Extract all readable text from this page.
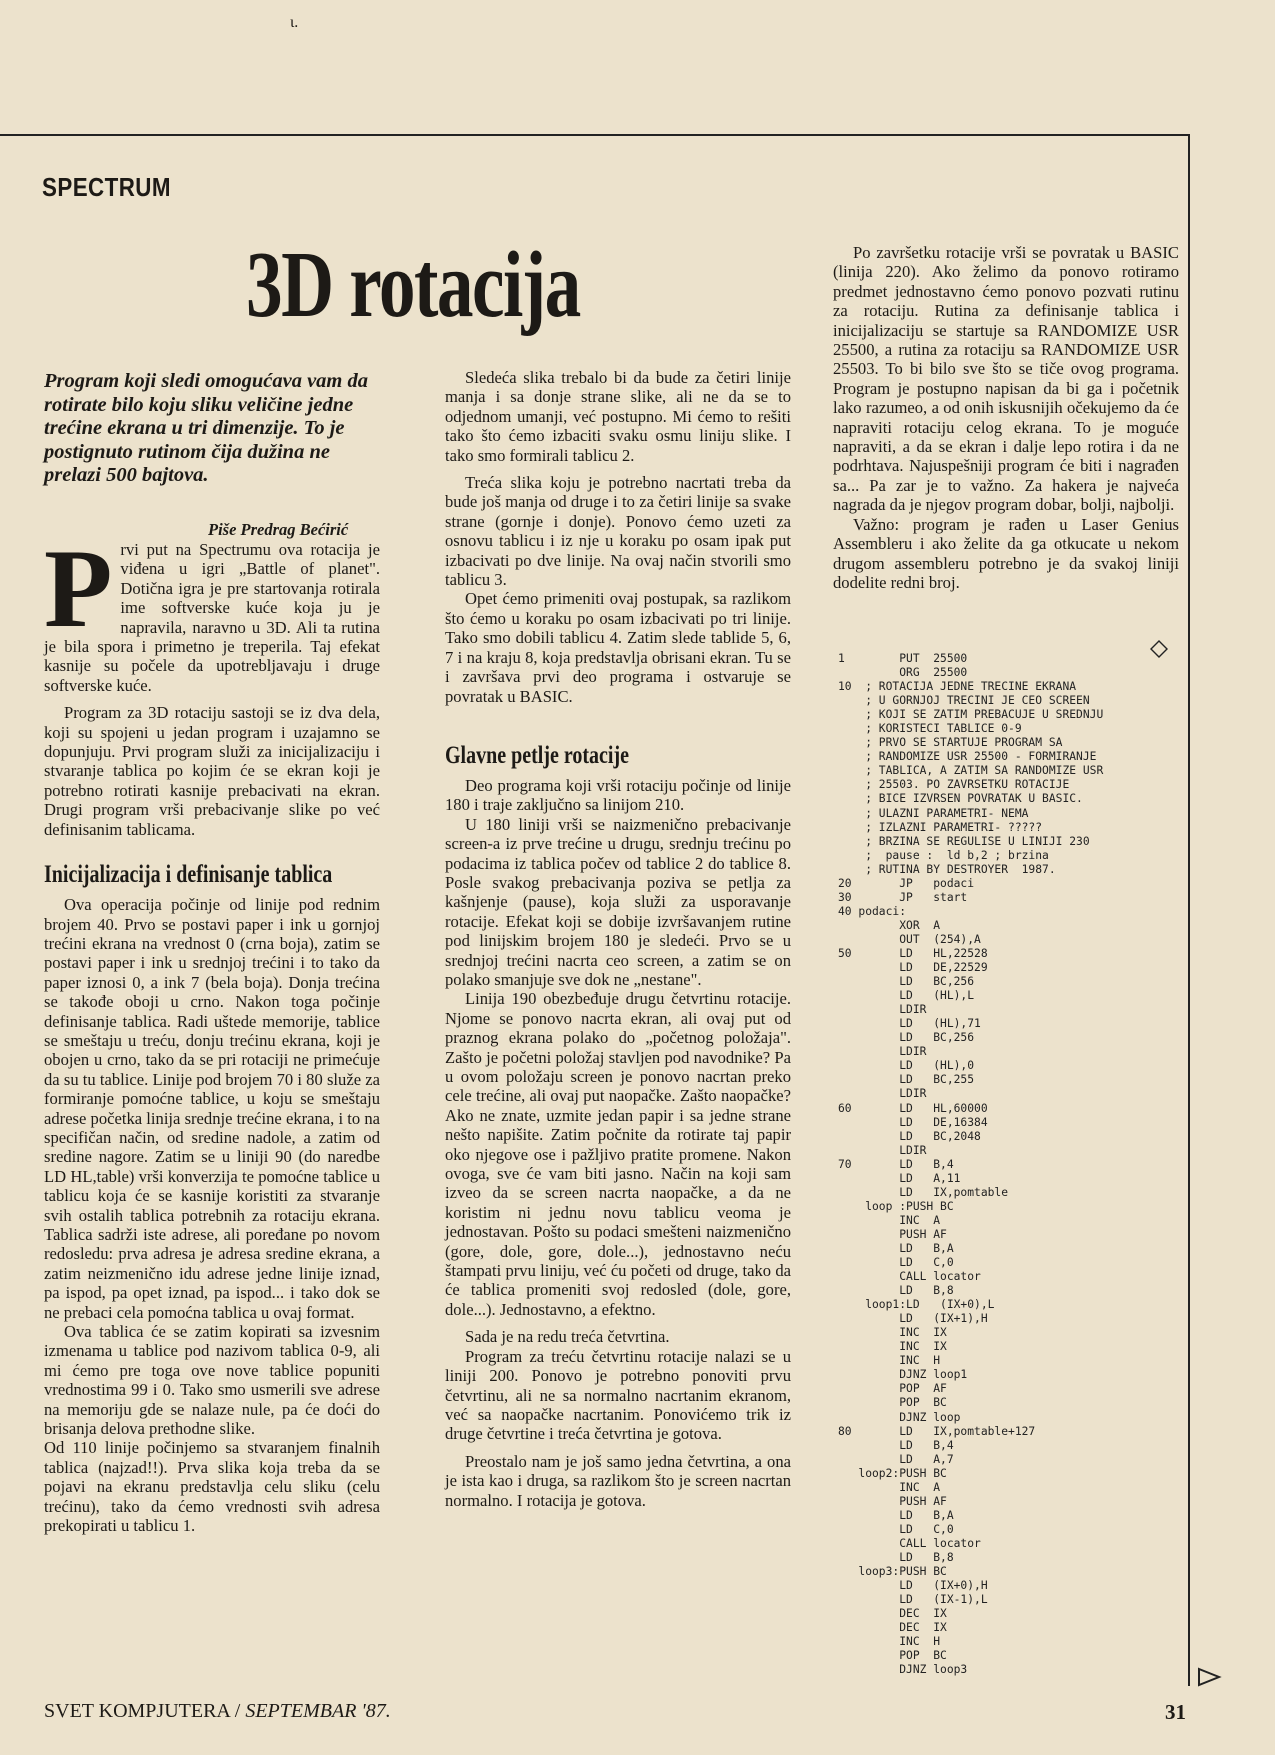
ɩ.
SPECTRUM
3D rotacija
Program koji sledi omogućava vam da rotirate bilo koju sliku veličine jedne trećine ekrana u tri dimenzije. To je postignuto rutinom čija dužina ne prelazi 500 bajtova.
Piše Predrag Bećirić

Prvi put na Spectrumu ova rotacija je viđena u igri „Battle of planet". Dotična igra je pre startovanja rotirala ime softverske kuće koja ju je napravila, naravno u 3D. Ali ta rutina je bila spora i primetno je treperila. Taj efekat kasnije su počele da upotrebljavaju i druge softverske kuće.

Program za 3D rotaciju sastoji se iz dva dela, koji su spojeni u jedan program i uzajamno se dopunjuju. Prvi program služi za inicijalizaciju i stvaranje tablica po kojim će se ekran koji je potrebno rotirati kasnije prebacivati na ekran. Drugi program vrši prebacivanje slike po već definisanim tablicama.

Inicijalizacija i definisanje tablica

Ova operacija počinje od linije pod rednim brojem 40. Prvo se postavi paper i ink u gornjoj trećini ekrana na vrednost 0 (crna boja), zatim se postavi paper i ink u srednjoj trećini i to tako da paper iznosi 0, a ink 7 (bela boja). Donja trećina se takođe oboji u crno. Nakon toga počinje definisanje tablica. Radi uštede memorije, tablice se smeštaju u treću, donju trećinu ekrana, koji je obojen u crno, tako da se pri rotaciji ne primećuje da su tu tablice. Linije pod brojem 70 i 80 služe za formiranje pomoćne tablice, u koju se smeštaju adrese početka linija srednje trećine ekrana, i to na specifičan način, od sredine nadole, a zatim od sredine nagore. Zatim se u liniji 90 (do naredbe LD HL,table) vrši konverzija te pomoćne tablice u tablicu koja će se kasnije koristiti za stvaranje svih ostalih tablica potrebnih za rotaciju ekrana. Tablica sadrži iste adrese, ali poređane po novom redosledu: prva adresa je adresa sredine ekrana, a zatim neizmenično idu adrese jedne linije iznad, pa ispod, pa opet iznad, pa ispod... i tako dok se ne prebaci cela pomoćna tablica u ovaj format.

Ova tablica će se zatim kopirati sa izvesnim izmenama u tablice pod nazivom tablica 0-9, ali mi ćemo pre toga ove nove tablice popuniti vrednostima 99 i 0. Tako smo usmerili sve adrese na memoriju gde se nalaze nule, pa će doći do brisanja delova prethodne slike.

Od 110 linije počinjemo sa stvaranjem finalnih tablica (najzad!!). Prva slika koja treba da se pojavi na ekranu predstavlja celu sliku (celu trećinu), tako da ćemo vrednosti svih adresa prekopirati u tablicu 1.

Sledeća slika trebalo bi da bude za četiri linije manja i sa donje strane slike, ali ne da se to odjednom umanji, već postupno. Mi ćemo to rešiti tako što ćemo izbaciti svaku osmu liniju slike. I tako smo formirali tablicu 2.

Treća slika koju je potrebno nacrtati treba da bude još manja od druge i to za četiri linije sa svake strane (gornje i donje). Ponovo ćemo uzeti za osnovu tablicu i iz nje u koraku po osam ipak put izbacivati po dve linije. Na ovaj način stvorili smo tablicu 3.

Opet ćemo primeniti ovaj postupak, sa razlikom što ćemo u koraku po osam izbacivati po tri linije. Tako smo dobili tablicu 4. Zatim slede tablide 5, 6, 7 i na kraju 8, koja predstavlja obrisani ekran. Tu se i završava prvi deo programa i ostvaruje se povratak u BASIC.

Glavne petlje rotacije

Deo programa koji vrši rotaciju počinje od linije 180 i traje zaključno sa linijom 210.

U 180 liniji vrši se naizmenično prebacivanje screen-a iz prve trećine u drugu, srednju trećinu po podacima iz tablica počev od tablice 2 do tablice 8. Posle svakog prebacivanja poziva se petlja za kašnjenje (pause), koja služi za usporavanje rotacije. Efekat koji se dobije izvršavanjem rutine pod linijskim brojem 180 je sledeći. Prvo se u srednjoj trećini nacrta ceo screen, a zatim se on polako smanjuje sve dok ne „nestane".

Linija 190 obezbeđuje drugu četvrtinu rotacije. Njome se ponovo nacrta ekran, ali ovaj put od praznog ekrana polako do „početnog položaja". Zašto je početni položaj stavljen pod navodnike? Pa u ovom položaju screen je ponovo nacrtan preko cele trećine, ali ovaj put naopačke. Zašto naopačke? Ako ne znate, uzmite jedan papir i sa jedne strane nešto napišite. Zatim počnite da rotirate taj papir oko njegove ose i pažljivo pratite promene. Nakon ovoga, sve će vam biti jasno. Način na koji sam izveo da se screen nacrta naopačke, a da ne koristim ni jednu novu tablicu veoma je jednostavan. Pošto su podaci smešteni naizmenično (gore, dole, gore, dole...), jednostavno neću štampati prvu liniju, već ću početi od druge, tako da će tablica promeniti svoj redosled (dole, gore, dole...). Jednostavno, a efektno.

Sada je na redu treća četvrtina.

Program za treću četvrtinu rotacije nalazi se u liniji 200. Ponovo je potrebno ponoviti prvu četvrtinu, ali ne sa normalno nacrtanim ekranom, već sa naopačke nacrtanim. Ponovićemo trik iz druge četvrtine i treća četvrtina je gotova.

Preostalo nam je još samo jedna četvrtina, a ona je ista kao i druga, sa razlikom što je screen nacrtan normalno. I rotacija je gotova.

Po završetku rotacije vrši se povratak u BASIC (linija 220). Ako želimo da ponovo rotiramo predmet jednostavno ćemo ponovo pozvati rutinu za rotaciju. Rutina za definisanje tablica i inicijalizaciju se startuje sa RANDOMIZE USR 25500, a rutina za rotaciju sa RANDOMIZE USR 25503. To bi bilo sve što se tiče ovog programa. Program je postupno napisan da bi ga i početnik lako razumeo, a od onih iskusnijih očekujemo da će napraviti rotaciju celog ekrana. To je moguće napraviti, a da se ekran i dalje lepo rotira i da ne podrhtava. Najuspešniji program će biti i nagrađen sa... Pa zar je to važno. Za hakera je najveća nagrada da je njegov program dobar, bolji, najbolji.

Važno: program je rađen u Laser Genius Assembleru i ako želite da ga otkucate u nekom drugom assembleru potrebno je da svakoj liniji dodelite redni broj.

1        PUT  25500
ORG  25500
10  ; ROTACIJA JEDNE TRECINE EKRANA
; U GORNJOJ TRECINI JE CEO SCREEN
; KOJI SE ZATIM PREBACUJE U SREDNJU
; KORISTECI TABLICE 0-9
; PRVO SE STARTUJE PROGRAM SA
; RANDOMIZE USR 25500 - FORMIRANJE
; TABLICA, A ZATIM SA RANDOMIZE USR
; 25503. PO ZAVRSETKU ROTACIJE
; BICE IZVRSEN POVRATAK U BASIC.
; ULAZNI PARAMETRI- NEMA
; IZLAZNI PARAMETRI- ?????
; BRZINA SE REGULISE U LINIJI 230
;  pause :  ld b,2 ; brzina
; RUTINA BY DESTROYER  1987.
20       JP   podaci
30       JP   start
40 podaci:
XOR  A
OUT  (254),A
50       LD   HL,22528
LD   DE,22529
LD   BC,256
LD   (HL),L
LDIR
LD   (HL),71
LD   BC,256
LDIR
LD   (HL),0
LD   BC,255
LDIR
60       LD   HL,60000
LD   DE,16384
LD   BC,2048
LDIR
70       LD   B,4
LD   A,11
LD   IX,pomtable
loop :PUSH BC
INC  A
PUSH AF
LD   B,A
LD   C,0
CALL locator
LD   B,8
loop1:LD   (IX+0),L
LD   (IX+1),H
INC  IX
INC  IX
INC  H
DJNZ loop1
POP  AF
POP  BC
DJNZ loop
80       LD   IX,pomtable+127
LD   B,4
LD   A,7
loop2:PUSH BC
INC  A
PUSH AF
LD   B,A
LD   C,0
CALL locator
LD   B,8
loop3:PUSH BC
LD   (IX+0),H
LD   (IX-1),L
DEC  IX
DEC  IX
INC  H
POP  BC
DJNZ loop3
SVET KOMPJUTERA / SEPTEMBAR '87.	31
